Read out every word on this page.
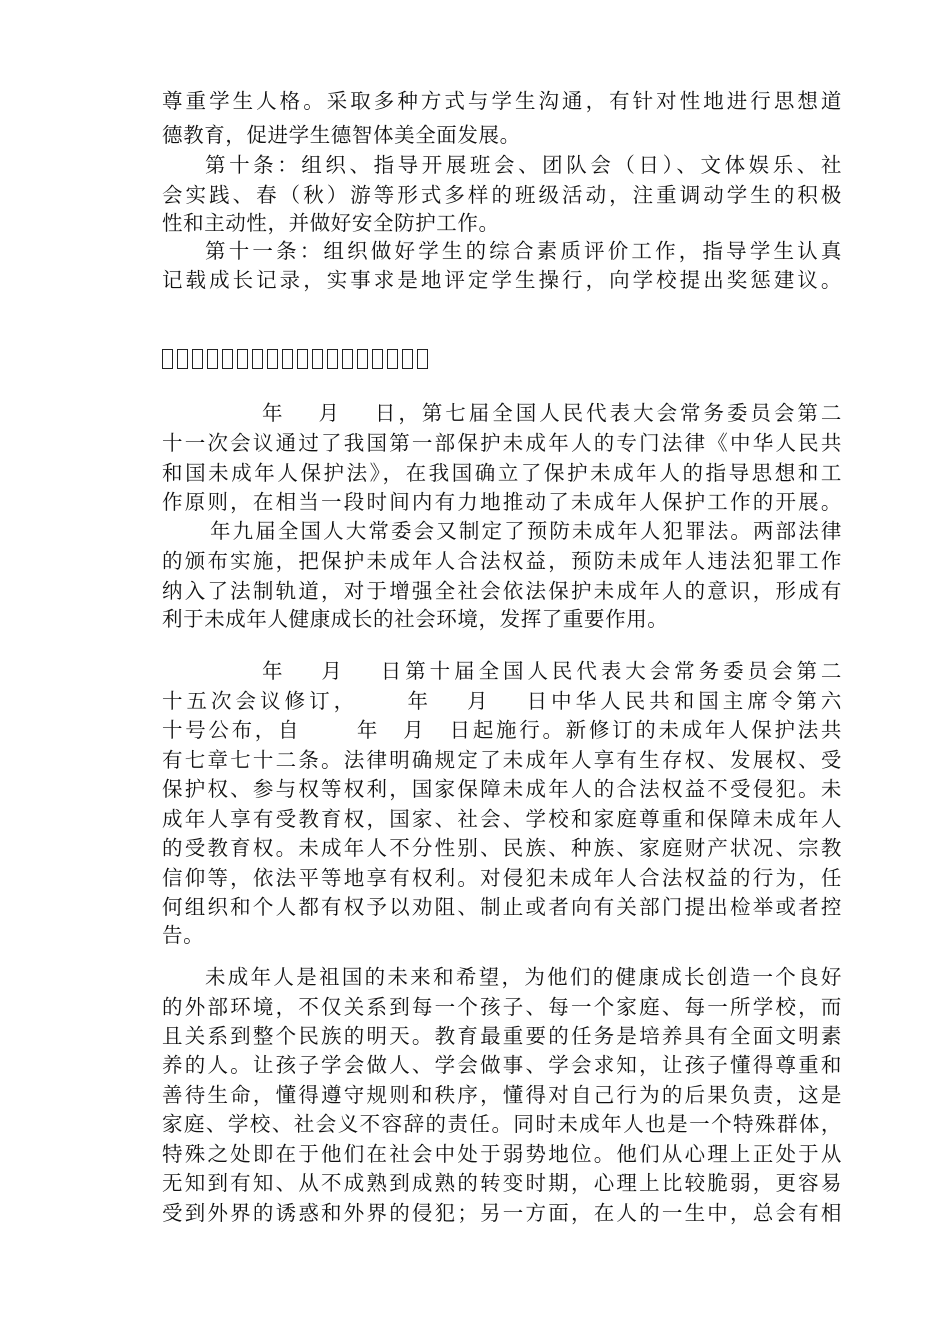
尊重学生人格。采取多种方式与学生沟通，有针对性地进行思想道
德教育，促进学生德智体美全面发展。
第十条：组织、指导开展班会、团队会（日）、文体娱乐、社
会实践、春（秋）游等形式多样的班级活动，注重调动学生的积极
性和主动性，并做好安全防护工作。
第十一条：组织做好学生的综合素质评价工作，指导学生认真
记载成长记录，实事求是地评定学生操行，向学校提出奖惩建议。
年　 月　 日，第七届全国人民代表大会常务委员会第二
十一次会议通过了我国第一部保护未成年人的专门法律《中华人民共
和国未成年人保护法》，在我国确立了保护未成年人的指导思想和工
作原则，在相当一段时间内有力地推动了未成年人保护工作的开展。
年九届全国人大常委会又制定了预防未成年人犯罪法。两部法律
的颁布实施，把保护未成年人合法权益，预防未成年人违法犯罪工作
纳入了法制轨道，对于增强全社会依法保护未成年人的意识，形成有
利于未成年人健康成长的社会环境，发挥了重要作用。
年　 月　 日第十届全国人民代表大会常务委员会第二
十五次会议修订，　　 年　 月　 日中华人民共和国主席令第六
十号公布，自　　 年　月　日起施行。新修订的未成年人保护法共
有七章七十二条。法律明确规定了未成年人享有生存权、发展权、受
保护权、参与权等权利，国家保障未成年人的合法权益不受侵犯。未
成年人享有受教育权，国家、社会、学校和家庭尊重和保障未成年人
的受教育权。未成年人不分性别、民族、种族、家庭财产状况、宗教
信仰等，依法平等地享有权利。对侵犯未成年人合法权益的行为，任
何组织和个人都有权予以劝阻、制止或者向有关部门提出检举或者控
告。
未成年人是祖国的未来和希望，为他们的健康成长创造一个良好
的外部环境，不仅关系到每一个孩子、每一个家庭、每一所学校，而
且关系到整个民族的明天。教育最重要的任务是培养具有全面文明素
养的人。让孩子学会做人、学会做事、学会求知，让孩子懂得尊重和
善待生命，懂得遵守规则和秩序，懂得对自己行为的后果负责，这是
家庭、学校、社会义不容辞的责任。同时未成年人也是一个特殊群体，
特殊之处即在于他们在社会中处于弱势地位。他们从心理上正处于从
无知到有知、从不成熟到成熟的转变时期，心理上比较脆弱，更容易
受到外界的诱惑和外界的侵犯；另一方面，在人的一生中，总会有相
